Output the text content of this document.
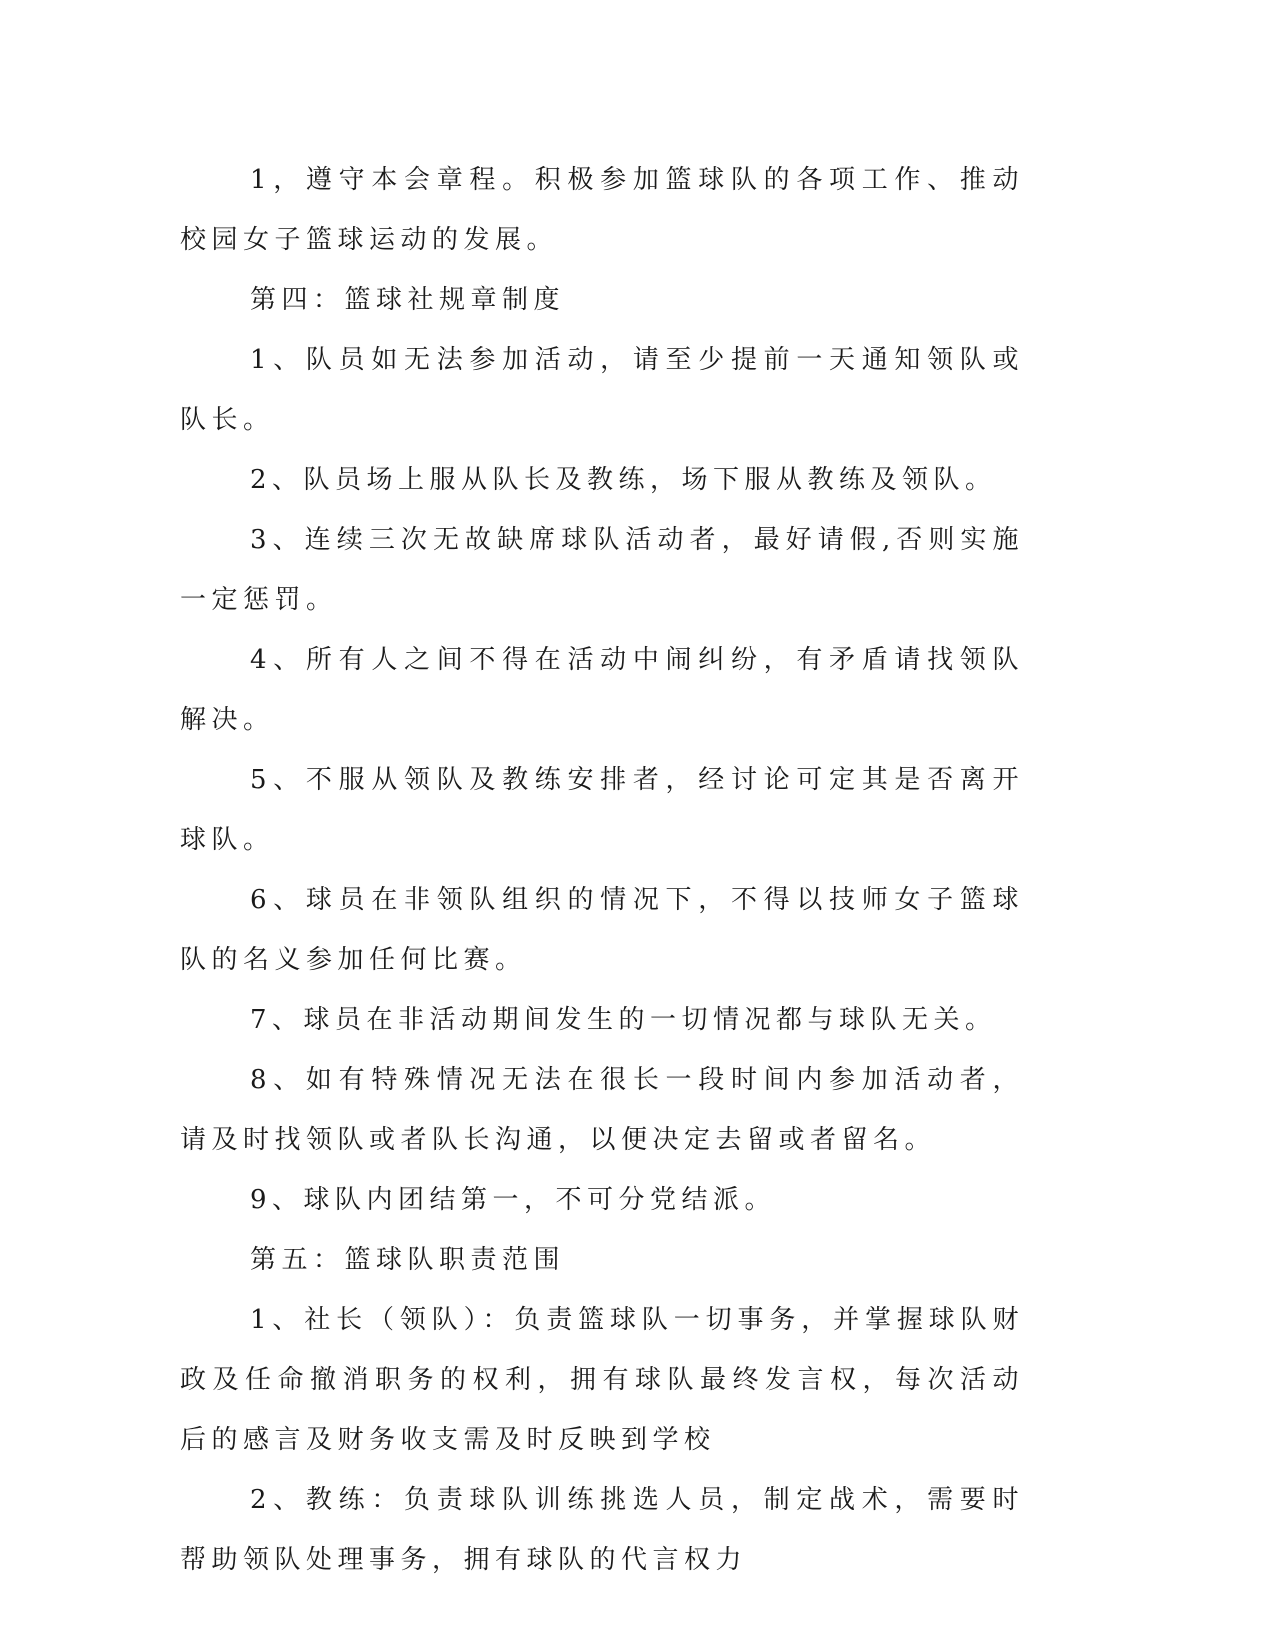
1，遵守本会章程。积极参加篮球队的各项工作、推动校园女子篮球运动的发展。

第四：篮球社规章制度

1、队员如无法参加活动，请至少提前一天通知领队或队长。

2、队员场上服从队长及教练，场下服从教练及领队。

3、连续三次无故缺席球队活动者，最好请假,否则实施一定惩罚。

4、所有人之间不得在活动中闹纠纷，有矛盾请找领队解决。

5、不服从领队及教练安排者，经讨论可定其是否离开球队。

6、球员在非领队组织的情况下，不得以技师女子篮球队的名义参加任何比赛。

7、球员在非活动期间发生的一切情况都与球队无关。

8、如有特殊情况无法在很长一段时间内参加活动者，请及时找领队或者队长沟通，以便决定去留或者留名。

9、球队内团结第一，不可分党结派。

第五：篮球队职责范围

1、社长（领队）：负责篮球队一切事务，并掌握球队财政及任命撤消职务的权利，拥有球队最终发言权，每次活动后的感言及财务收支需及时反映到学校

2、教练：负责球队训练挑选人员，制定战术，需要时帮助领队处理事务，拥有球队的代言权力
